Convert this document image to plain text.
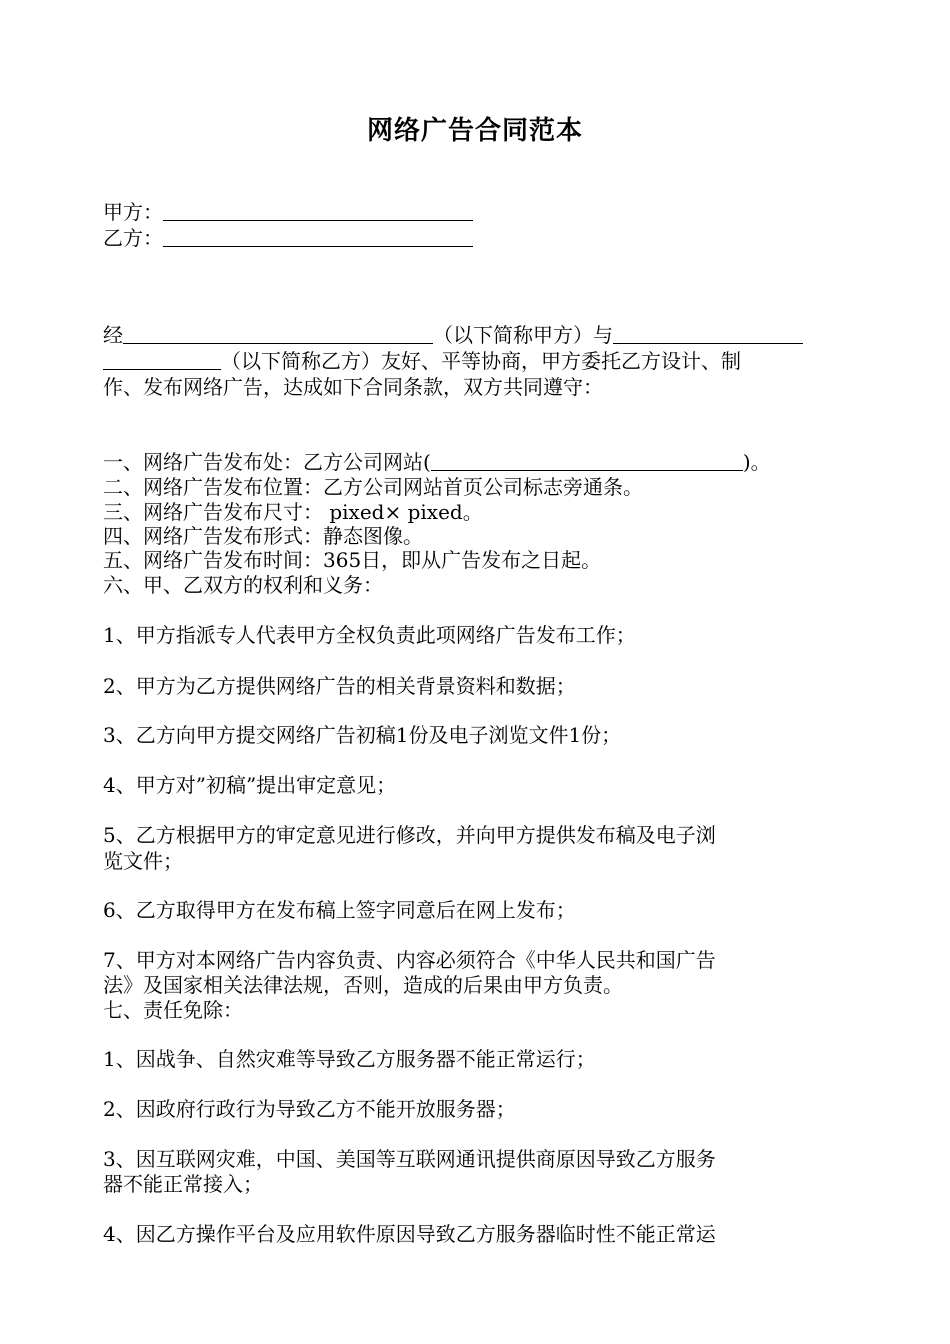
网络广告合同范本
甲方：
乙方：
经	（以下简称甲方）与
（以下简称乙方）友好、平等协商，甲方委托乙方设计、制
作、发布网络广告，达成如下合同条款，双方共同遵守：
一、网络广告发布处：乙方公司网站(	)。
二、网络广告发布位置：乙方公司网站首页公司标志旁通条。
三、网络广告发布尺寸： pixed× pixed。
四、网络广告发布形式：静态图像。
五、网络广告发布时间：365日，即从广告发布之日起。
六、甲、乙双方的权利和义务：
1、甲方指派专人代表甲方全权负责此项网络广告发布工作；
2、甲方为乙方提供网络广告的相关背景资料和数据；
3、乙方向甲方提交网络广告初稿1份及电子浏览文件1份；
4、甲方对”初稿”提出审定意见；
5、乙方根据甲方的审定意见进行修改，并向甲方提供发布稿及电子浏
览文件；
6、乙方取得甲方在发布稿上签字同意后在网上发布；
7、甲方对本网络广告内容负责、内容必须符合《中华人民共和国广告
法》及国家相关法律法规，否则，造成的后果由甲方负责。
七、责任免除：
1、因战争、自然灾难等导致乙方服务器不能正常运行；
2、因政府行政行为导致乙方不能开放服务器；
3、因互联网灾难，中国、美国等互联网通讯提供商原因导致乙方服务
器不能正常接入；
4、因乙方操作平台及应用软件原因导致乙方服务器临时性不能正常运
